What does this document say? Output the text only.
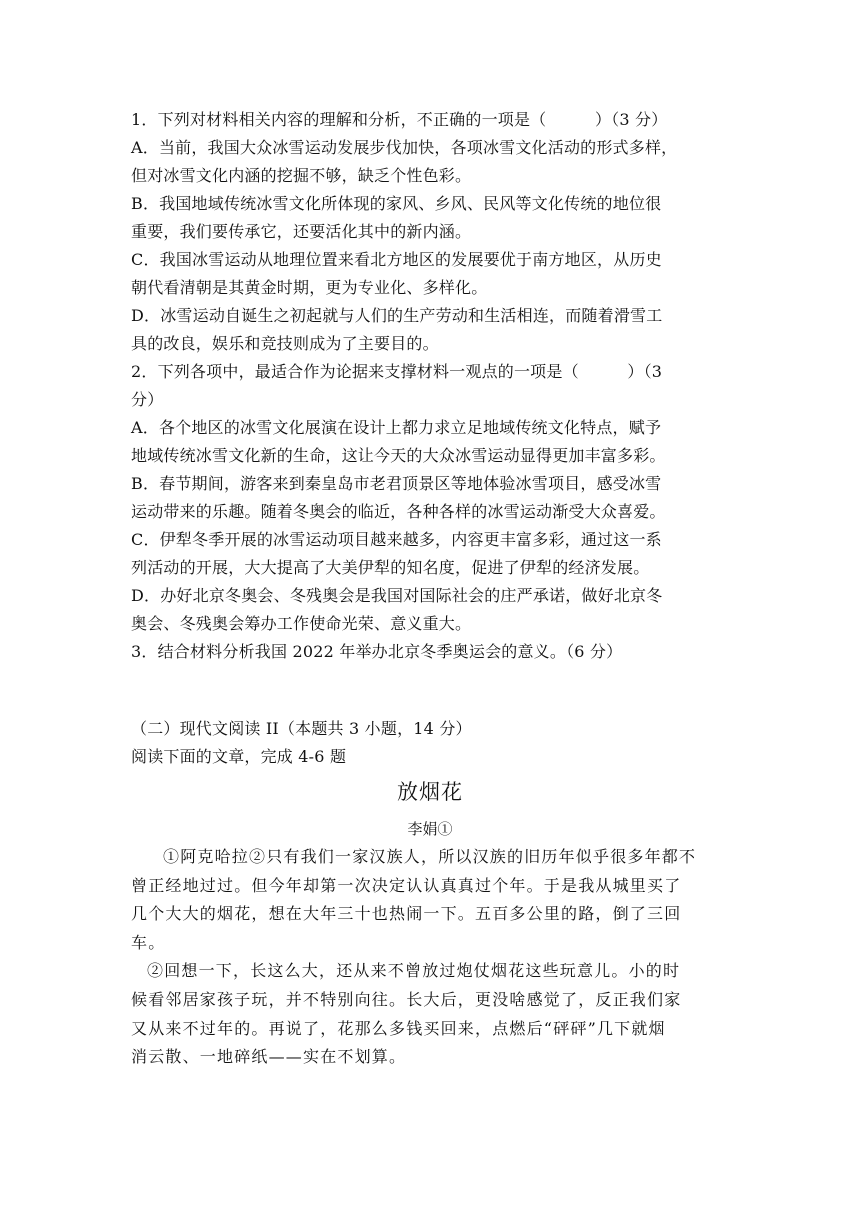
1．下列对材料相关内容的理解和分析，不正确的一项是（　　　）（3 分）
A．当前，我国大众冰雪运动发展步伐加快，各项冰雪文化活动的形式多样，
但对冰雪文化内涵的挖掘不够，缺乏个性色彩。
B．我国地域传统冰雪文化所体现的家风、乡风、民风等文化传统的地位很
重要，我们要传承它，还要活化其中的新内涵。
C．我国冰雪运动从地理位置来看北方地区的发展要优于南方地区，从历史
朝代看清朝是其黄金时期，更为专业化、多样化。
D．冰雪运动自诞生之初起就与人们的生产劳动和生活相连，而随着滑雪工
具的改良，娱乐和竞技则成为了主要目的。
2．下列各项中，最适合作为论据来支撑材料一观点的一项是（　　　）（3
分）
A．各个地区的冰雪文化展演在设计上都力求立足地域传统文化特点，赋予
地域传统冰雪文化新的生命，这让今天的大众冰雪运动显得更加丰富多彩。
B．春节期间，游客来到秦皇岛市老君顶景区等地体验冰雪项目，感受冰雪
运动带来的乐趣。随着冬奥会的临近，各种各样的冰雪运动渐受大众喜爱。
C．伊犁冬季开展的冰雪运动项目越来越多，内容更丰富多彩，通过这一系
列活动的开展，大大提高了大美伊犁的知名度，促进了伊犁的经济发展。
D．办好北京冬奥会、冬残奥会是我国对国际社会的庄严承诺，做好北京冬
奥会、冬残奥会筹办工作使命光荣、意义重大。
3．结合材料分析我国 2022 年举办北京冬季奥运会的意义。（6 分）
（二）现代文阅读 II（本题共 3 小题，14 分）
阅读下面的文章，完成 4-6 题
放烟花
李娟①
①阿克哈拉②只有我们一家汉族人，所以汉族的旧历年似乎很多年都不
曾正经地过过。但今年却第一次决定认认真真过个年。于是我从城里买了
几个大大的烟花，想在大年三十也热闹一下。五百多公里的路，倒了三回
车。
②回想一下，长这么大，还从来不曾放过炮仗烟花这些玩意儿。小的时
候看邻居家孩子玩，并不特别向往。长大后，更没啥感觉了，反正我们家
又从来不过年的。再说了，花那么多钱买回来，点燃后“砰砰”几下就烟
消云散、一地碎纸——实在不划算。
